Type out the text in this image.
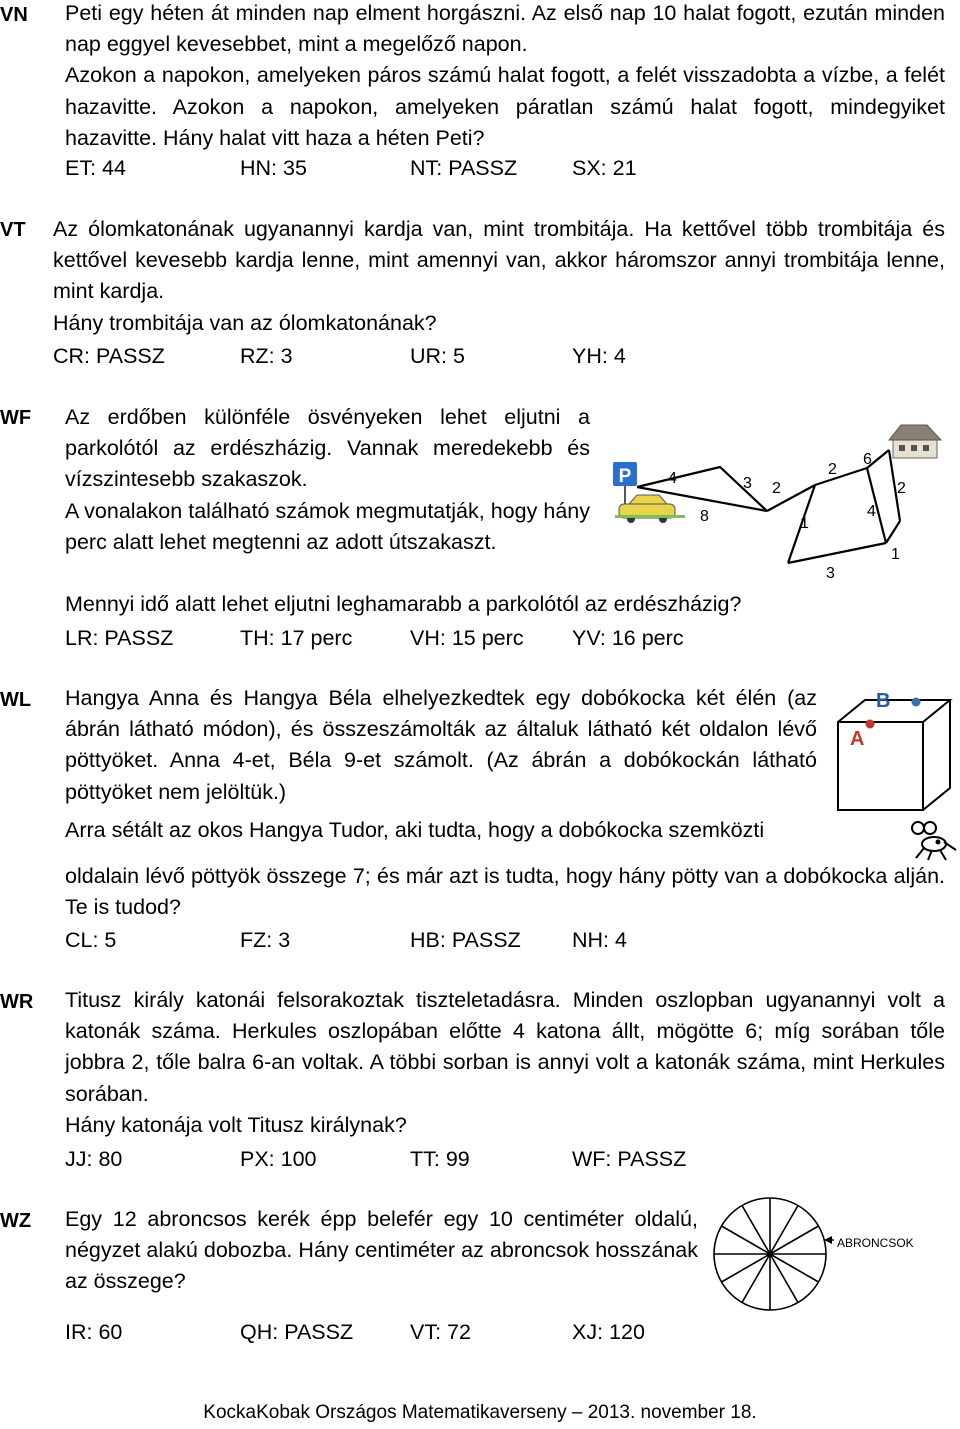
VN	Peti egy héten át minden nap elment horgászni. Az első nap 10 halat fogott, ezután minden nap eggyel kevesebbet, mint a megelőző napon.
Azokon a napokon, amelyeken páros számú halat fogott, a felét visszadobta a vízbe, a felét hazavitte. Azokon a napokon, amelyeken páratlan számú halat fogott, mindegyiket hazavitte. Hány halat vitt haza a héten Peti?

ET: 44	HN: 35	NT: PASSZ	SX: 21
VT	Az ólomkatonának ugyanannyi kardja van, mint trombitája. Ha kettővel több trombitája és kettővel kevesebb kardja lenne, mint amennyi van, akkor háromszor annyi trombitája lenne, mint kardja.
Hány trombitája van az ólomkatonának?

CR: PASSZ	RZ: 3	UR: 5	YH: 4
WF	Az erdőben különféle ösvényeken lehet eljutni a parkolótól az erdészházig. Vannak meredekebb és vízszintesebb szakaszok.
A vonalakon található számok megmutatják, hogy hány perc alatt lehet megtenni az adott útszakaszt.

Mennyi idő alatt lehet eljutni leghamarabb a parkolótól az erdészházig?

LR: PASSZ	TH: 17 perc	VH: 15 perc YV: 16 perc
P 4
8
3 2
1
2
6
4
2
1
3
WL	Hangya Anna és Hangya Béla elhelyezkedtek egy dobókocka két élén (az ábrán látható módon), és összeszámolták az általuk látható két oldalon lévő pöttyöket. Anna 4-et, Béla 9-et számolt. (Az ábrán a dobókockán látható pöttyöket nem jelöltük.)

Arra sétált az okos Hangya Tudor, aki tudta, hogy a dobókocka szemközti

oldalain lévő pöttyök összege 7; és már azt is tudta, hogy hány pötty van a dobókocka alján. Te is tudod?

CL: 5	FZ: 3	HB: PASSZ NH: 4
A
B
WR	Titusz király katonái felsorakoztak tiszteletadásra. Minden oszlopban ugyanannyi volt a katonák száma. Herkules oszlopában előtte 4 katona állt, mögötte 6; míg sorában tőle jobbra 2, tőle balra 6-an voltak. A többi sorban is annyi volt a katonák száma, mint Herkules sorában.
Hány katonája volt Titusz királynak?

JJ: 80	PX: 100	TT: 99	WF: PASSZ
WZ	Egy 12 abroncsos kerék épp belefér egy 10 centiméter oldalú, négyzet alakú dobozba. Hány centiméter az abroncsok hosszának az összege?

IR: 60	QH: PASSZ	VT: 72	XJ: 120
ABRONCSOK
KockaKobak Országos Matematikaverseny – 2013. november 18.
